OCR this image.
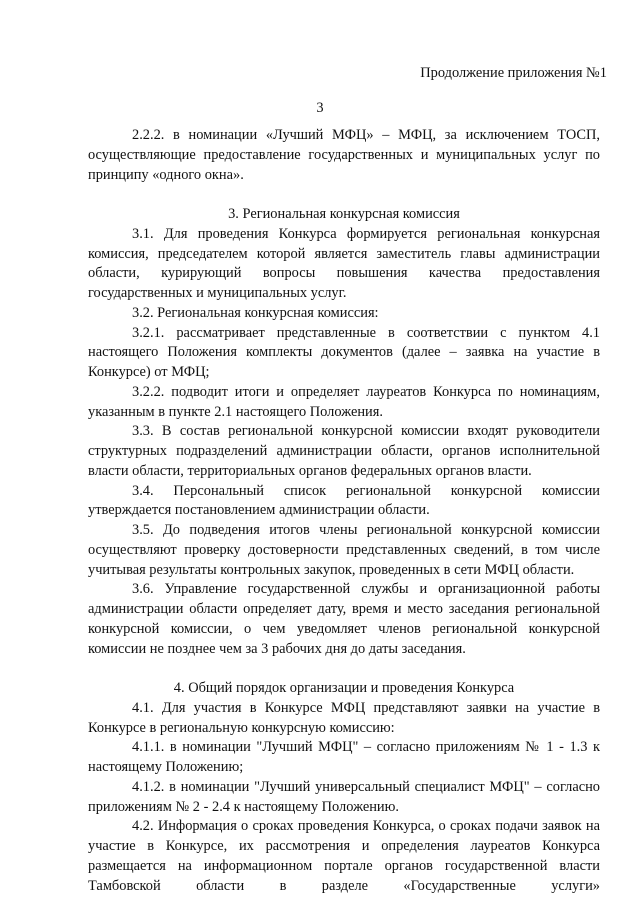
Продолжение приложения №1
3

2.2.2. в номинации «Лучший МФЦ» – МФЦ, за исключением ТОСП, осуществляющие предоставление государственных и муниципальных услуг по принципу «одного окна».

3. Региональная конкурсная комиссия

3.1. Для проведения Конкурса формируется региональная конкурсная комиссия, председателем которой является заместитель главы администрации области, курирующий вопросы повышения качества предоставления государственных и муниципальных услуг.

3.2. Региональная конкурсная комиссия:

3.2.1. рассматривает представленные в соответствии с пунктом 4.1 настоящего Положения комплекты документов (далее – заявка на участие в Конкурсе) от МФЦ;

3.2.2. подводит итоги и определяет лауреатов Конкурса по номинациям, указанным в пункте 2.1 настоящего Положения.

3.3. В состав региональной конкурсной комиссии входят руководители структурных подразделений администрации области, органов исполнительной власти области, территориальных органов федеральных органов власти.

3.4. Персональный список региональной конкурсной комиссии утверждается постановлением администрации области.

3.5. До подведения итогов члены региональной конкурсной комиссии осуществляют проверку достоверности представленных сведений, в том числе учитывая результаты контрольных закупок, проведенных в сети МФЦ области.

3.6. Управление государственной службы и организационной работы администрации области определяет дату, время и место заседания региональной конкурсной комиссии, о чем уведомляет членов региональной конкурсной комиссии не позднее чем за 3 рабочих дня до даты заседания.

4. Общий порядок организации и проведения Конкурса

4.1. Для участия в Конкурсе МФЦ представляют заявки на участие в Конкурсе в региональную конкурсную комиссию:

4.1.1. в номинации "Лучший МФЦ" – согласно приложениям № 1 - 1.3 к настоящему Положению;

4.1.2. в номинации "Лучший универсальный специалист МФЦ" – согласно приложениям № 2 - 2.4 к настоящему Положению.

4.2. Информация о сроках проведения Конкурса, о сроках подачи заявок на участие в Конкурсе, их рассмотрения и определения лауреатов Конкурса размещается на информационном портале органов государственной власти Тамбовской области в разделе «Государственные услуги»
